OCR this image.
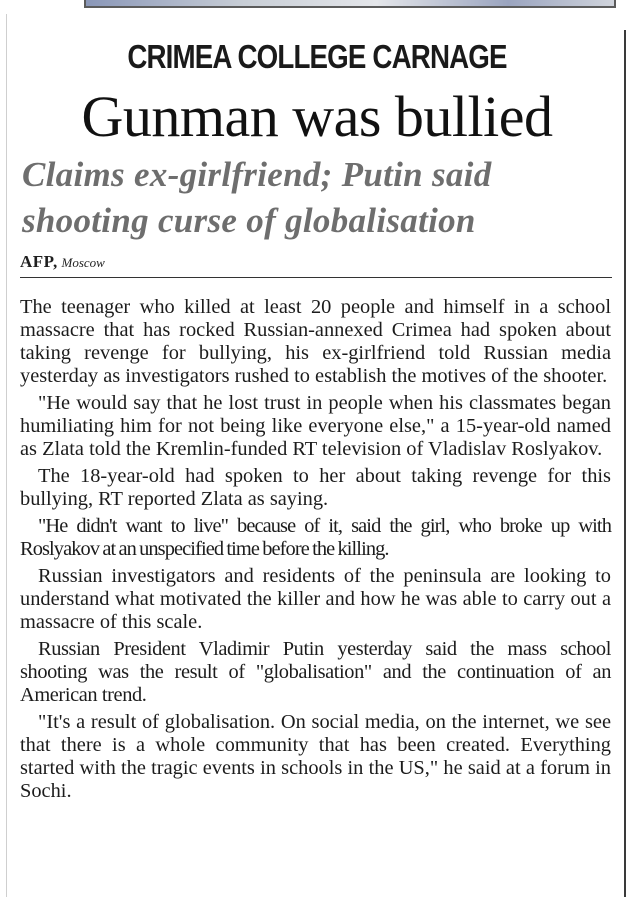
CRIMEA COLLEGE CARNAGE
Gunman was bullied
Claims ex-girlfriend; Putin said shooting curse of globalisation
AFP, Moscow

The teenager who killed at least 20 people and himself in a school massacre that has rocked Russian-annexed Crimea had spoken about taking revenge for bullying, his ex-girlfriend told Russian media yesterday as investigators rushed to establish the motives of the shooter.

"He would say that he lost trust in people when his classmates began humiliating him for not being like everyone else," a 15-year-old named as Zlata told the Kremlin-funded RT television of Vladislav Roslyakov.

The 18-year-old had spoken to her about taking revenge for this bullying, RT reported Zlata as saying.

"He didn't want to live" because of it, said the girl, who broke up with Roslyakov at an unspecified time before the killing.

Russian investigators and residents of the peninsula are looking to understand what motivated the killer and how he was able to carry out a massacre of this scale.

Russian President Vladimir Putin yesterday said the mass school shooting was the result of "globalisation" and the continuation of an American trend.

"It's a result of globalisation. On social media, on the internet, we see that there is a whole community that has been created. Everything started with the tragic events in schools in the US," he said at a forum in Sochi.
